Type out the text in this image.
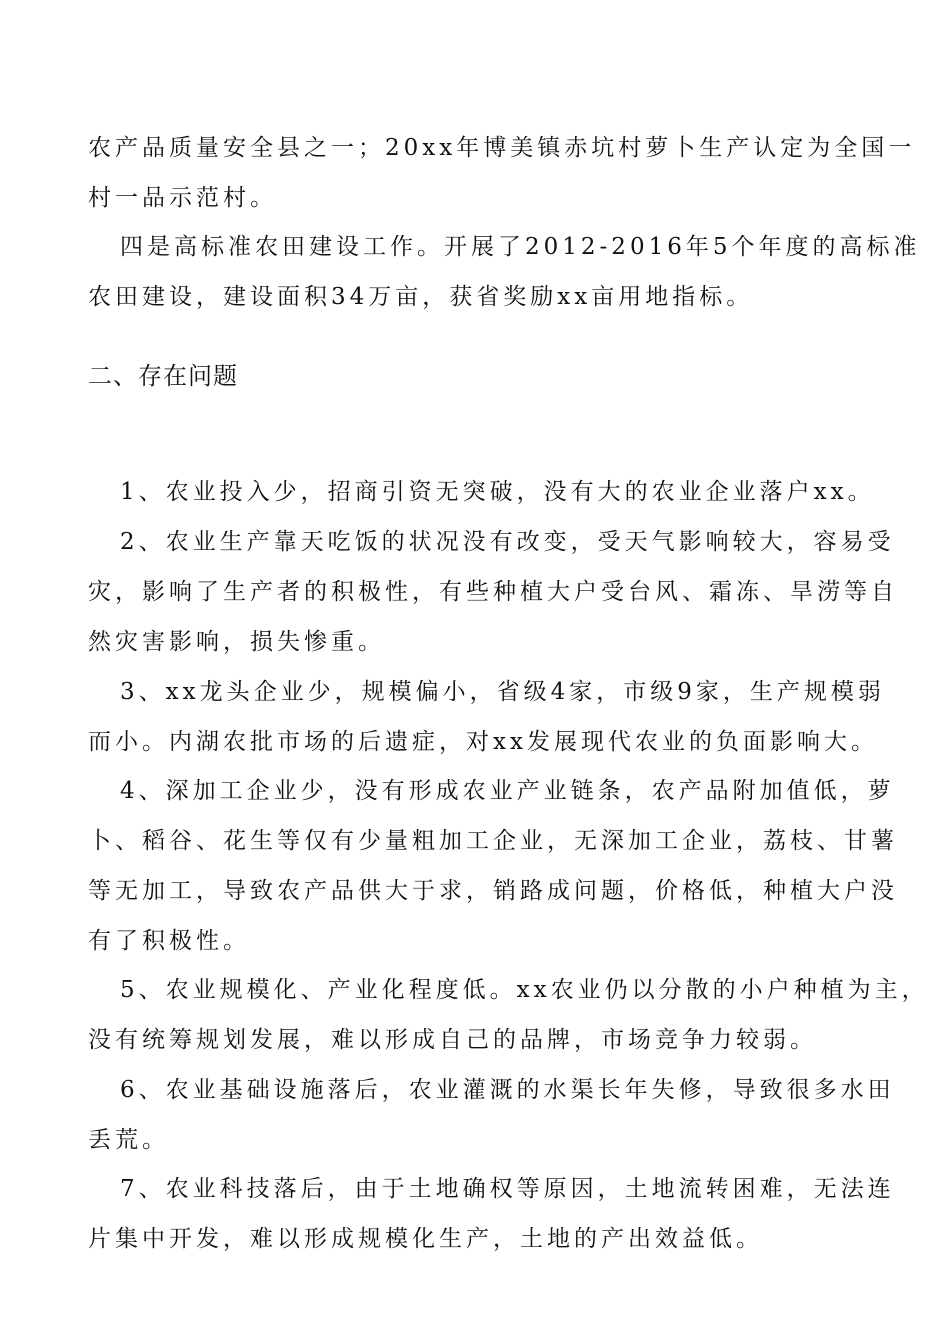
农产品质量安全县之一；20xx年博美镇赤坑村萝卜生产认定为全国一
村一品示范村。
四是高标准农田建设工作。开展了2012-2016年5个年度的高标准
农田建设，建设面积34万亩，获省奖励xx亩用地指标。
二、存在问题
1、农业投入少，招商引资无突破，没有大的农业企业落户xx。
2、农业生产靠天吃饭的状况没有改变，受天气影响较大，容易受
灾，影响了生产者的积极性，有些种植大户受台风、霜冻、旱涝等自
然灾害影响，损失惨重。
3、xx龙头企业少，规模偏小，省级4家，市级9家，生产规模弱
而小。内湖农批市场的后遗症，对xx发展现代农业的负面影响大。
4、深加工企业少，没有形成农业产业链条，农产品附加值低，萝
卜、稻谷、花生等仅有少量粗加工企业，无深加工企业，荔枝、甘薯
等无加工，导致农产品供大于求，销路成问题，价格低，种植大户没
有了积极性。
5、农业规模化、产业化程度低。xx农业仍以分散的小户种植为主，
没有统筹规划发展，难以形成自己的品牌，市场竞争力较弱。
6、农业基础设施落后，农业灌溉的水渠长年失修，导致很多水田
丢荒。
7、农业科技落后，由于土地确权等原因，土地流转困难，无法连
片集中开发，难以形成规模化生产，土地的产出效益低。
